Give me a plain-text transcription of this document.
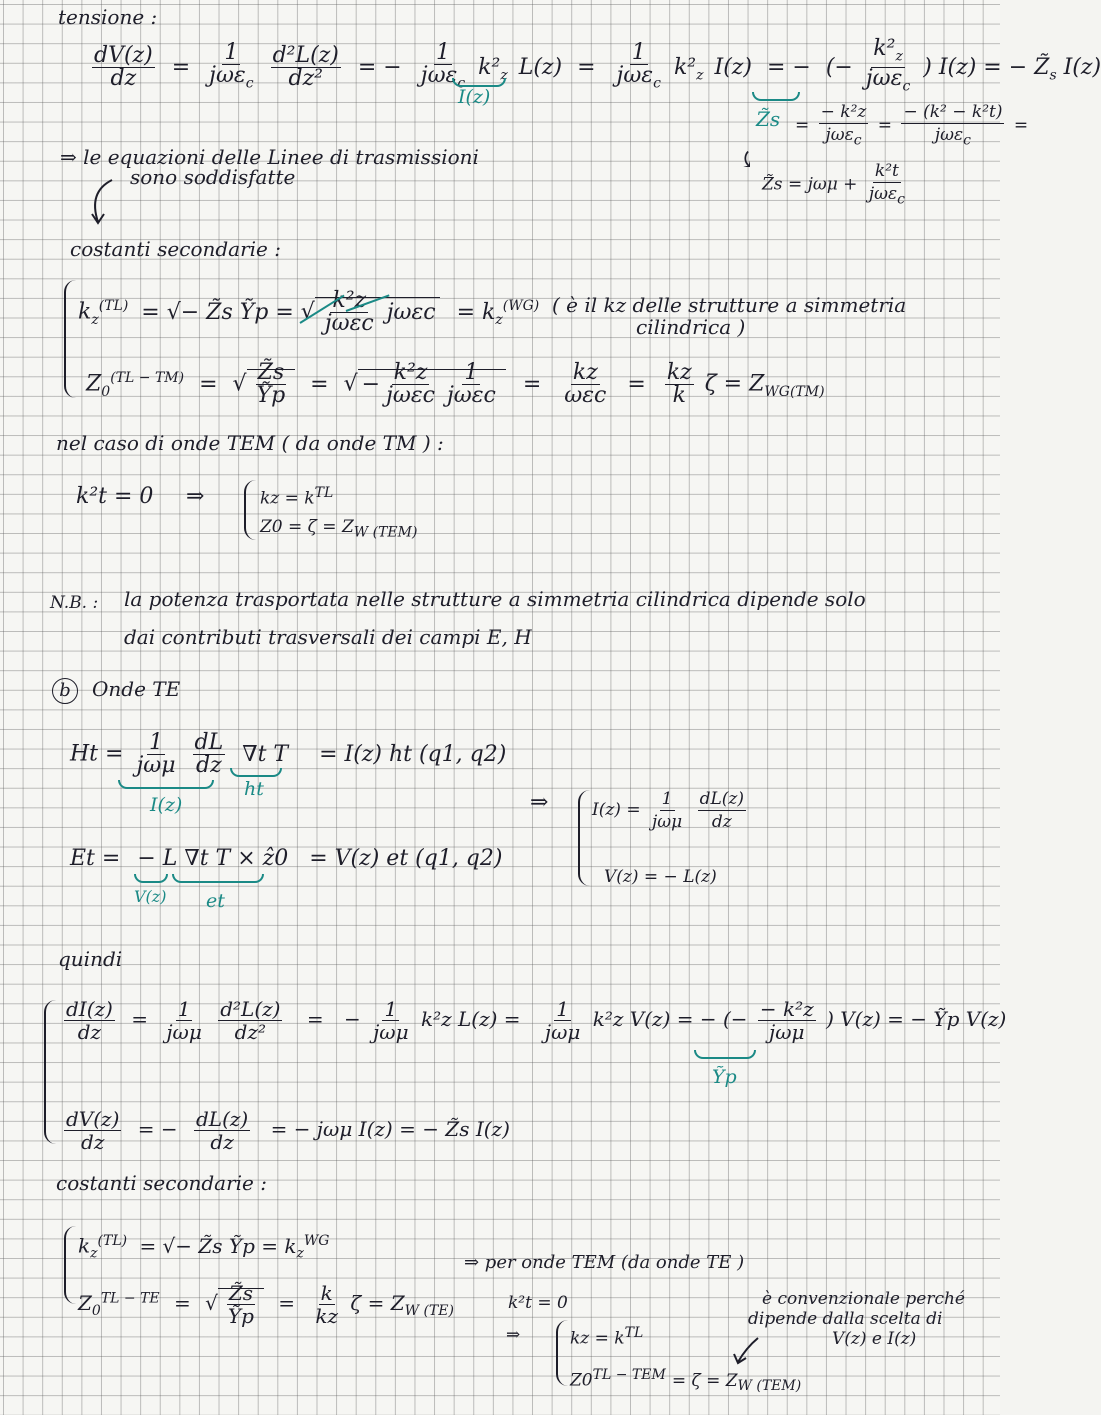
tensione :
$\frac{dV(z)}{dz} = \frac{1}{j\omega\varepsilon_c}$
$\frac{\text{d²L(z)}}{\text{dz²}}$ = − $\frac{1}{j\omega\varepsilon_c} k^2_z$ $L(z) = \frac{1}{j\omega\varepsilon_c} k^2_z$ I(z) = − (− $\frac{k^2_z}{j\omega\varepsilon_c}$ ) I(z) = − $Z̃_s$ I(z)
I(z)
Z̃s = $\frac{\text{− k²z}}{j\omega\varepsilon_c} = \frac{\text{− (k² − k²t)}}{j\omega\varepsilon_c}$ =
⇒ le equazioni delle Linee di trasmissioni
sono soddisfatte
⤹
Z̃s = $j\omega\mu + \frac{\text{k²t}}{j\omega\varepsilon_c}$
costanti secondarie :
$k_z^{(TL)}$ = √− Z̃s Ỹp = √ $\frac{\text{k²z}}{\text{jωεc}}$ $j\omega\varepsilon c = k_z^{(WG)}$ ( è il kz delle strutture a simmetria
cilindrica )
$Z_0^{(TL - TM)}$ = √ $\frac{Z̃s}{\text{Ỹp}}$ = √ − $\frac{\text{k²z}}{\text{jωεc}} \frac{1}{\text{jωεc}} = \frac{kz}{\text{ωεc}} = \frac{kz}{k}$ $\zeta = Z_{WG(TM)}$
nel caso di onde TEM ( da onde TM ) :
k²t = 0 ⇒	kz = $k^{TL}$
$Z0 = \zeta = Z_{W (TEM)}$
N.B. : la potenza trasportata nelle strutture a simmetria cilindrica dipende solo
dai contributi trasversali dei campi E, H
b Onde TE
$Ht = \frac{1}{\text{jωμ}}$
$\frac{dL}{dz} \nabla t$ T = I(z) ht (q1, q2)
I(z)
ht
⇒	$I(z) = \frac{1}{\text{jωμ}}$
$\frac{dL(z)}{dz}$
V(z) = − L(z)
Et = − L ∇t T × ẑ0 = V(z) et (q1, q2)
V(z) et
quindi
$\frac{dI(z)}{dz} = \frac{1}{\text{jωμ}}$
$\frac{\text{d²L(z)}}{\text{dz²}}$ = − $\frac{1}{\text{jωμ}} k^2z$ $L(z) = \frac{1}{\text{jωμ}} k^2z$ V(z) = − (− $\frac{\text{− k²z}}{\text{jωμ}}$ ) V(z) = − Ỹp V(z)
Ỹp
$\frac{dV(z)}{dz}$ = − $\frac{dL(z)}{dz}$ = − jωμ I(z) = − Z̃s I(z)
costanti secondarie :
$k_z^{(TL)}$ = √− Z̃s Ỹp = $k_z^{WG}$
$Z_0^{TL - TE}$ = √ $\frac{Z̃s}{\text{Ỹp}} = \frac{k}{kz}$ $\zeta = Z_{W (TE)}$
⇒ per onde TEM (da onde TE )
k²t = 0
⇒	kz = $k^{TL}$
$Z0^{TL - TEM} = \zeta = Z_{W (TEM)}$
è convenzionale perché
dipende dalla scelta di
V(z) e I(z)
